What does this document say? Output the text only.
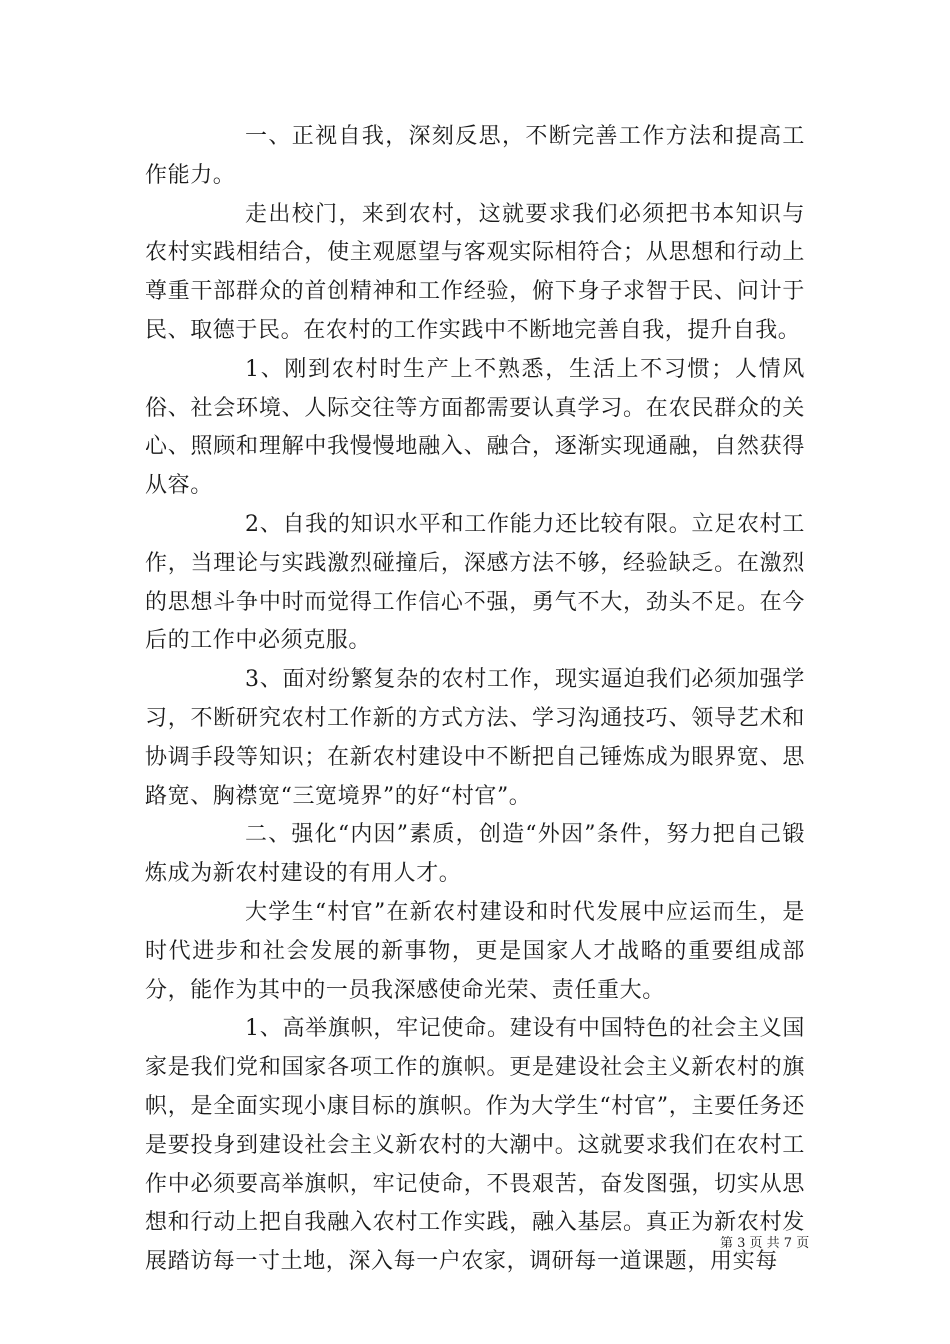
一、正视自我，深刻反思，不断完善工作方法和提高工作能力。

走出校门，来到农村，这就要求我们必须把书本知识与农村实践相结合，使主观愿望与客观实际相符合；从思想和行动上尊重干部群众的首创精神和工作经验，俯下身子求智于民、问计于民、取德于民。在农村的工作实践中不断地完善自我，提升自我。

1、刚到农村时生产上不熟悉，生活上不习惯；人情风俗、社会环境、人际交往等方面都需要认真学习。在农民群众的关心、照顾和理解中我慢慢地融入、融合，逐渐实现通融，自然获得从容。

2、自我的知识水平和工作能力还比较有限。立足农村工作，当理论与实践激烈碰撞后，深感方法不够，经验缺乏。在激烈的思想斗争中时而觉得工作信心不强，勇气不大，劲头不足。在今后的工作中必须克服。

3、面对纷繁复杂的农村工作，现实逼迫我们必须加强学习，不断研究农村工作新的方式方法、学习沟通技巧、领导艺术和协调手段等知识；在新农村建设中不断把自己锤炼成为眼界宽、思路宽、胸襟宽“三宽境界”的好“村官”。

二、强化“内因”素质，创造“外因”条件，努力把自己锻炼成为新农村建设的有用人才。

大学生“村官”在新农村建设和时代发展中应运而生，是时代进步和社会发展的新事物，更是国家人才战略的重要组成部分，能作为其中的一员我深感使命光荣、责任重大。

1、高举旗帜，牢记使命。建设有中国特色的社会主义国家是我们党和国家各项工作的旗帜。更是建设社会主义新农村的旗帜，是全面实现小康目标的旗帜。作为大学生“村官”，主要任务还是要投身到建设社会主义新农村的大潮中。这就要求我们在农村工作中必须要高举旗帜，牢记使命，不畏艰苦，奋发图强，切实从思想和行动上把自我融入农村工作实践，融入基层。真正为新农村发展踏访每一寸土地，深入每一户农家，调研每一道课题，用实每

第 3 页 共 7 页
